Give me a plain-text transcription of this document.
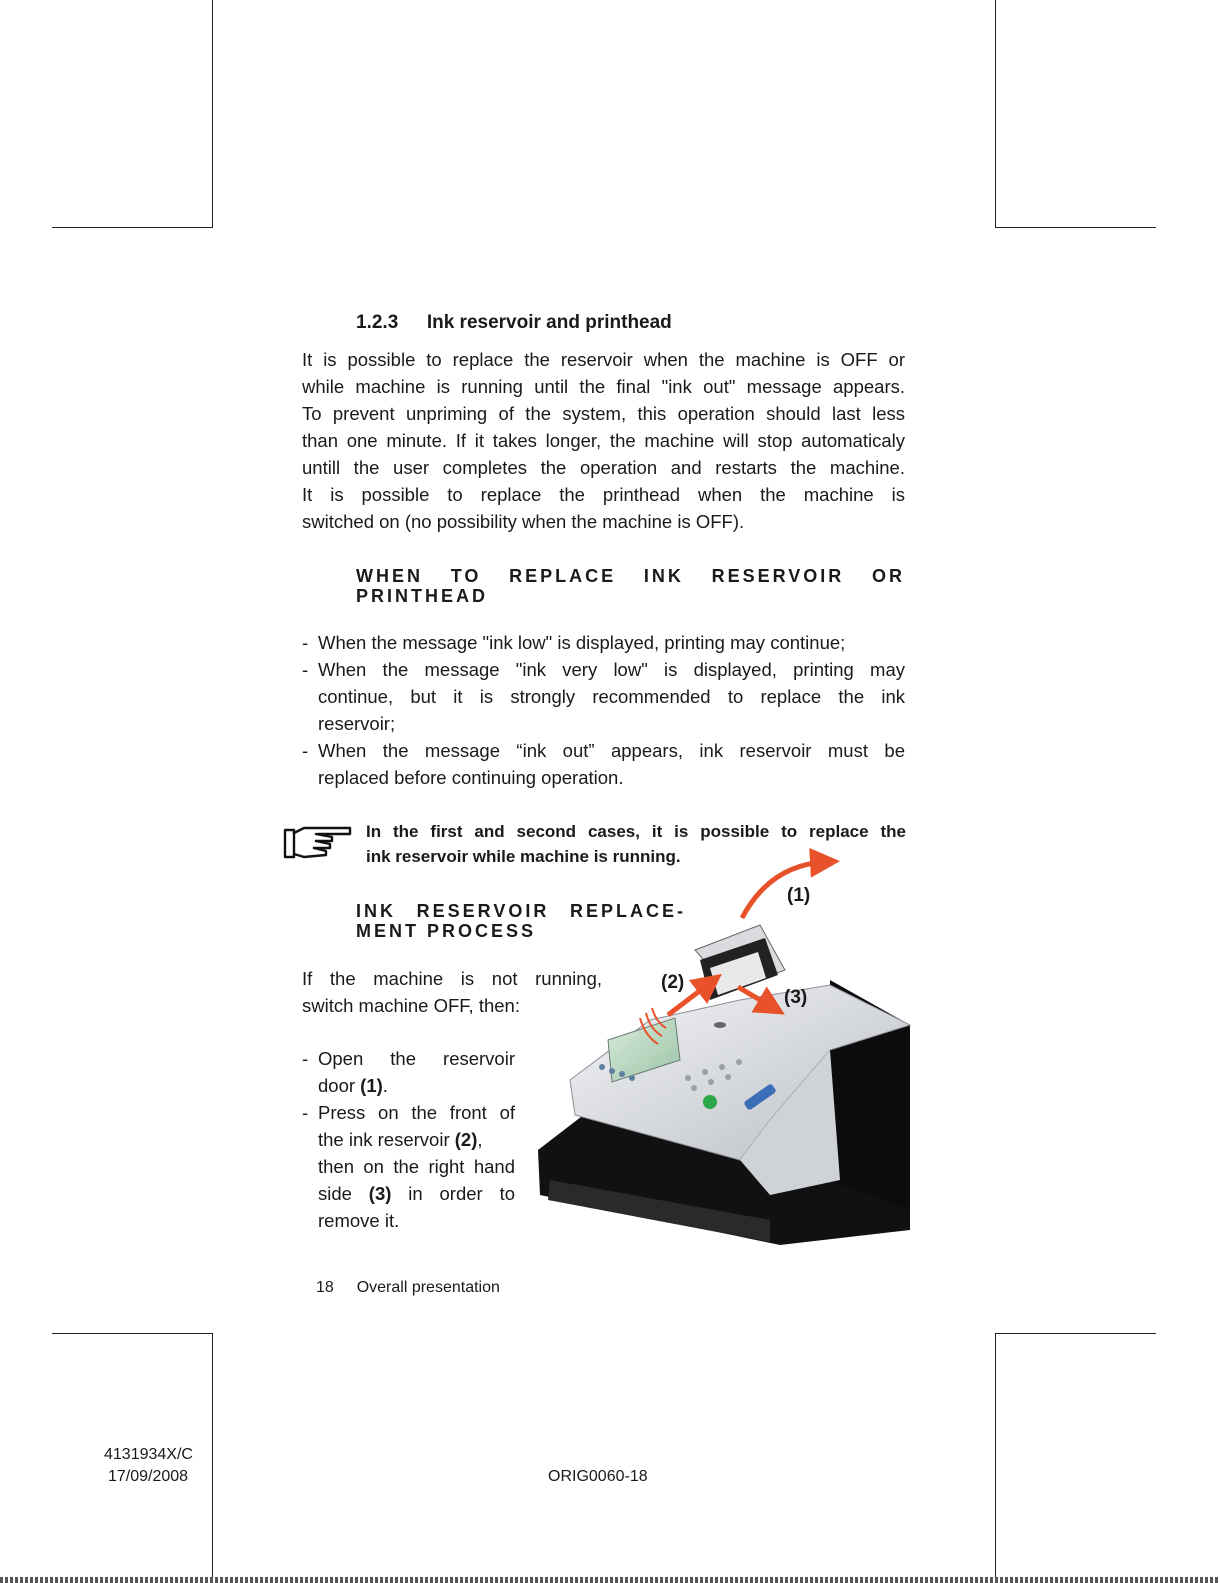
1.2.3 Ink reservoir and printhead
It is possible to replace the reservoir when the machine is OFF or
while machine is running until the final "ink out" message appears.
To prevent unpriming of the system, this operation should last less
than one minute. If it takes longer, the machine will stop automaticaly
untill the user completes the operation and restarts the machine.
It is possible to replace the printhead when the machine is
switched on (no possibility when the machine is OFF).
WHEN TO REPLACE INK RESERVOIR OR
PRINTHEAD
- When the message "ink low" is displayed, printing may continue;
- When the message "ink very low" is displayed, printing may
continue, but it is strongly recommended to replace the ink
reservoir;
- When the message “ink out” appears, ink reservoir must be
replaced before continuing operation.
In the first and second cases, it is possible to replace the
ink reservoir while machine is running.
INK RESERVOIR REPLACE-
MENT PROCESS
If the machine is not running,
switch machine OFF, then:
- Open the reservoir
door (1).
- Press on the front of
the ink reservoir (2),
then on the right hand
side (3) in order to
remove it.
(1)
(2)
(3)
18 Overall presentation
4131934X/C
17/09/2008	ORIG0060-18
